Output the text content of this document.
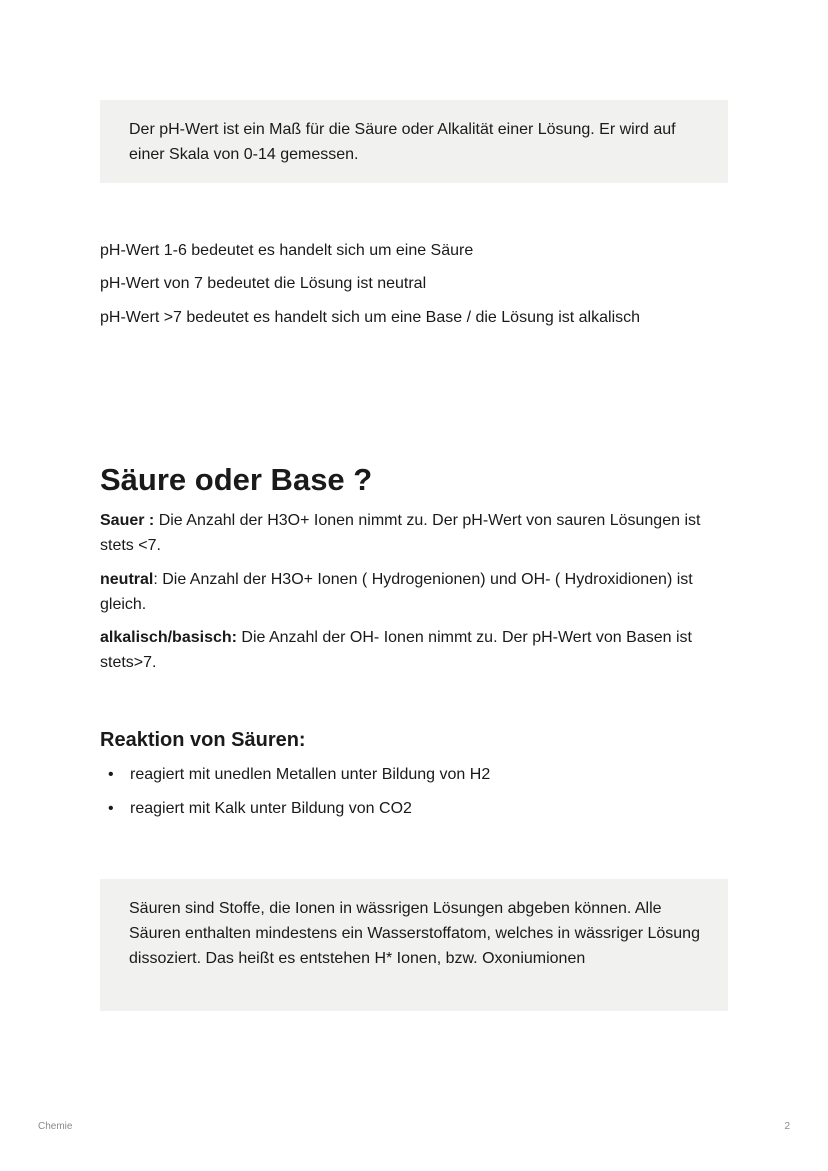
Der pH-Wert ist ein Maß für die Säure oder Alkalität einer Lösung. Er wird auf einer Skala von 0-14 gemessen.
pH-Wert 1-6 bedeutet es handelt sich um eine Säure
pH-Wert von 7 bedeutet die Lösung ist neutral
pH-Wert >7 bedeutet es handelt sich um eine Base / die Lösung ist alkalisch
Säure oder Base ?
Sauer : Die Anzahl der H3O+ Ionen nimmt zu. Der pH-Wert von sauren Lösungen ist stets <7.
neutral: Die Anzahl der H3O+ Ionen ( Hydrogenionen) und OH- ( Hydroxidionen) ist gleich.
alkalisch/basisch: Die Anzahl der OH- Ionen nimmt zu. Der pH-Wert von Basen ist stets>7.
Reaktion von Säuren:
• reagiert mit unedlen Metallen unter Bildung von H2
• reagiert mit Kalk unter Bildung von CO2
Säuren sind Stoffe, die Ionen in wässrigen Lösungen abgeben können. Alle Säuren enthalten mindestens ein Wasserstoffatom, welches in wässriger Lösung dissoziert. Das heißt es entstehen H* Ionen, bzw. Oxoniumionen
Chemie	2
